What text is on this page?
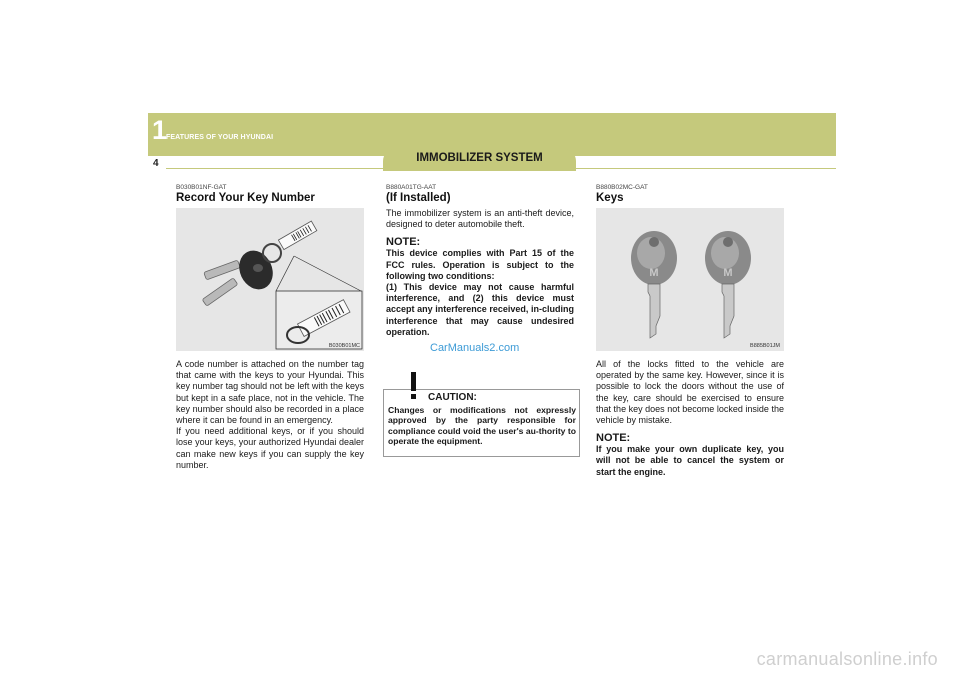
1
FEATURES OF YOUR HYUNDAI
4	IMMOBILIZER SYSTEM
B030B01NF-GAT
Record Your Key Number
B030B01MC

A code number is attached on the number tag that came with the keys to your Hyundai. This key number tag should not be left with the keys but kept in a safe place, not in the vehicle. The key number should also be recorded in a place where it can be found in an emergency.
If you need additional keys, or if you should lose your keys, your authorized Hyundai dealer can make new keys if you can supply the key number.

B880A01TG-AAT
(If Installed)

The immobilizer system is an anti-theft device, designed to deter automobile theft.

NOTE:

This device complies with Part 15 of the FCC rules. Operation is subject to the following two conditions:
(1) This device may not cause harmful interference, and (2) this device must accept any interference received, in-cluding interference that may cause undesired operation.

CAUTION:
Changes or modifications not expressly approved by the party responsible for compliance could void the user's au-thority to operate the equipment.
B880B02MC-GAT
Keys
M	M
B885B01JM

All of the locks fitted to the vehicle are operated by the same key. However, since it is possible to lock the doors without the use of the key, care should be exercised to ensure that the key does not become locked inside the vehicle by mistake.

NOTE:

If you make your own duplicate key, you will not be able to cancel the system or start the engine.

CarManuals2.com
carmanualsonline.info
